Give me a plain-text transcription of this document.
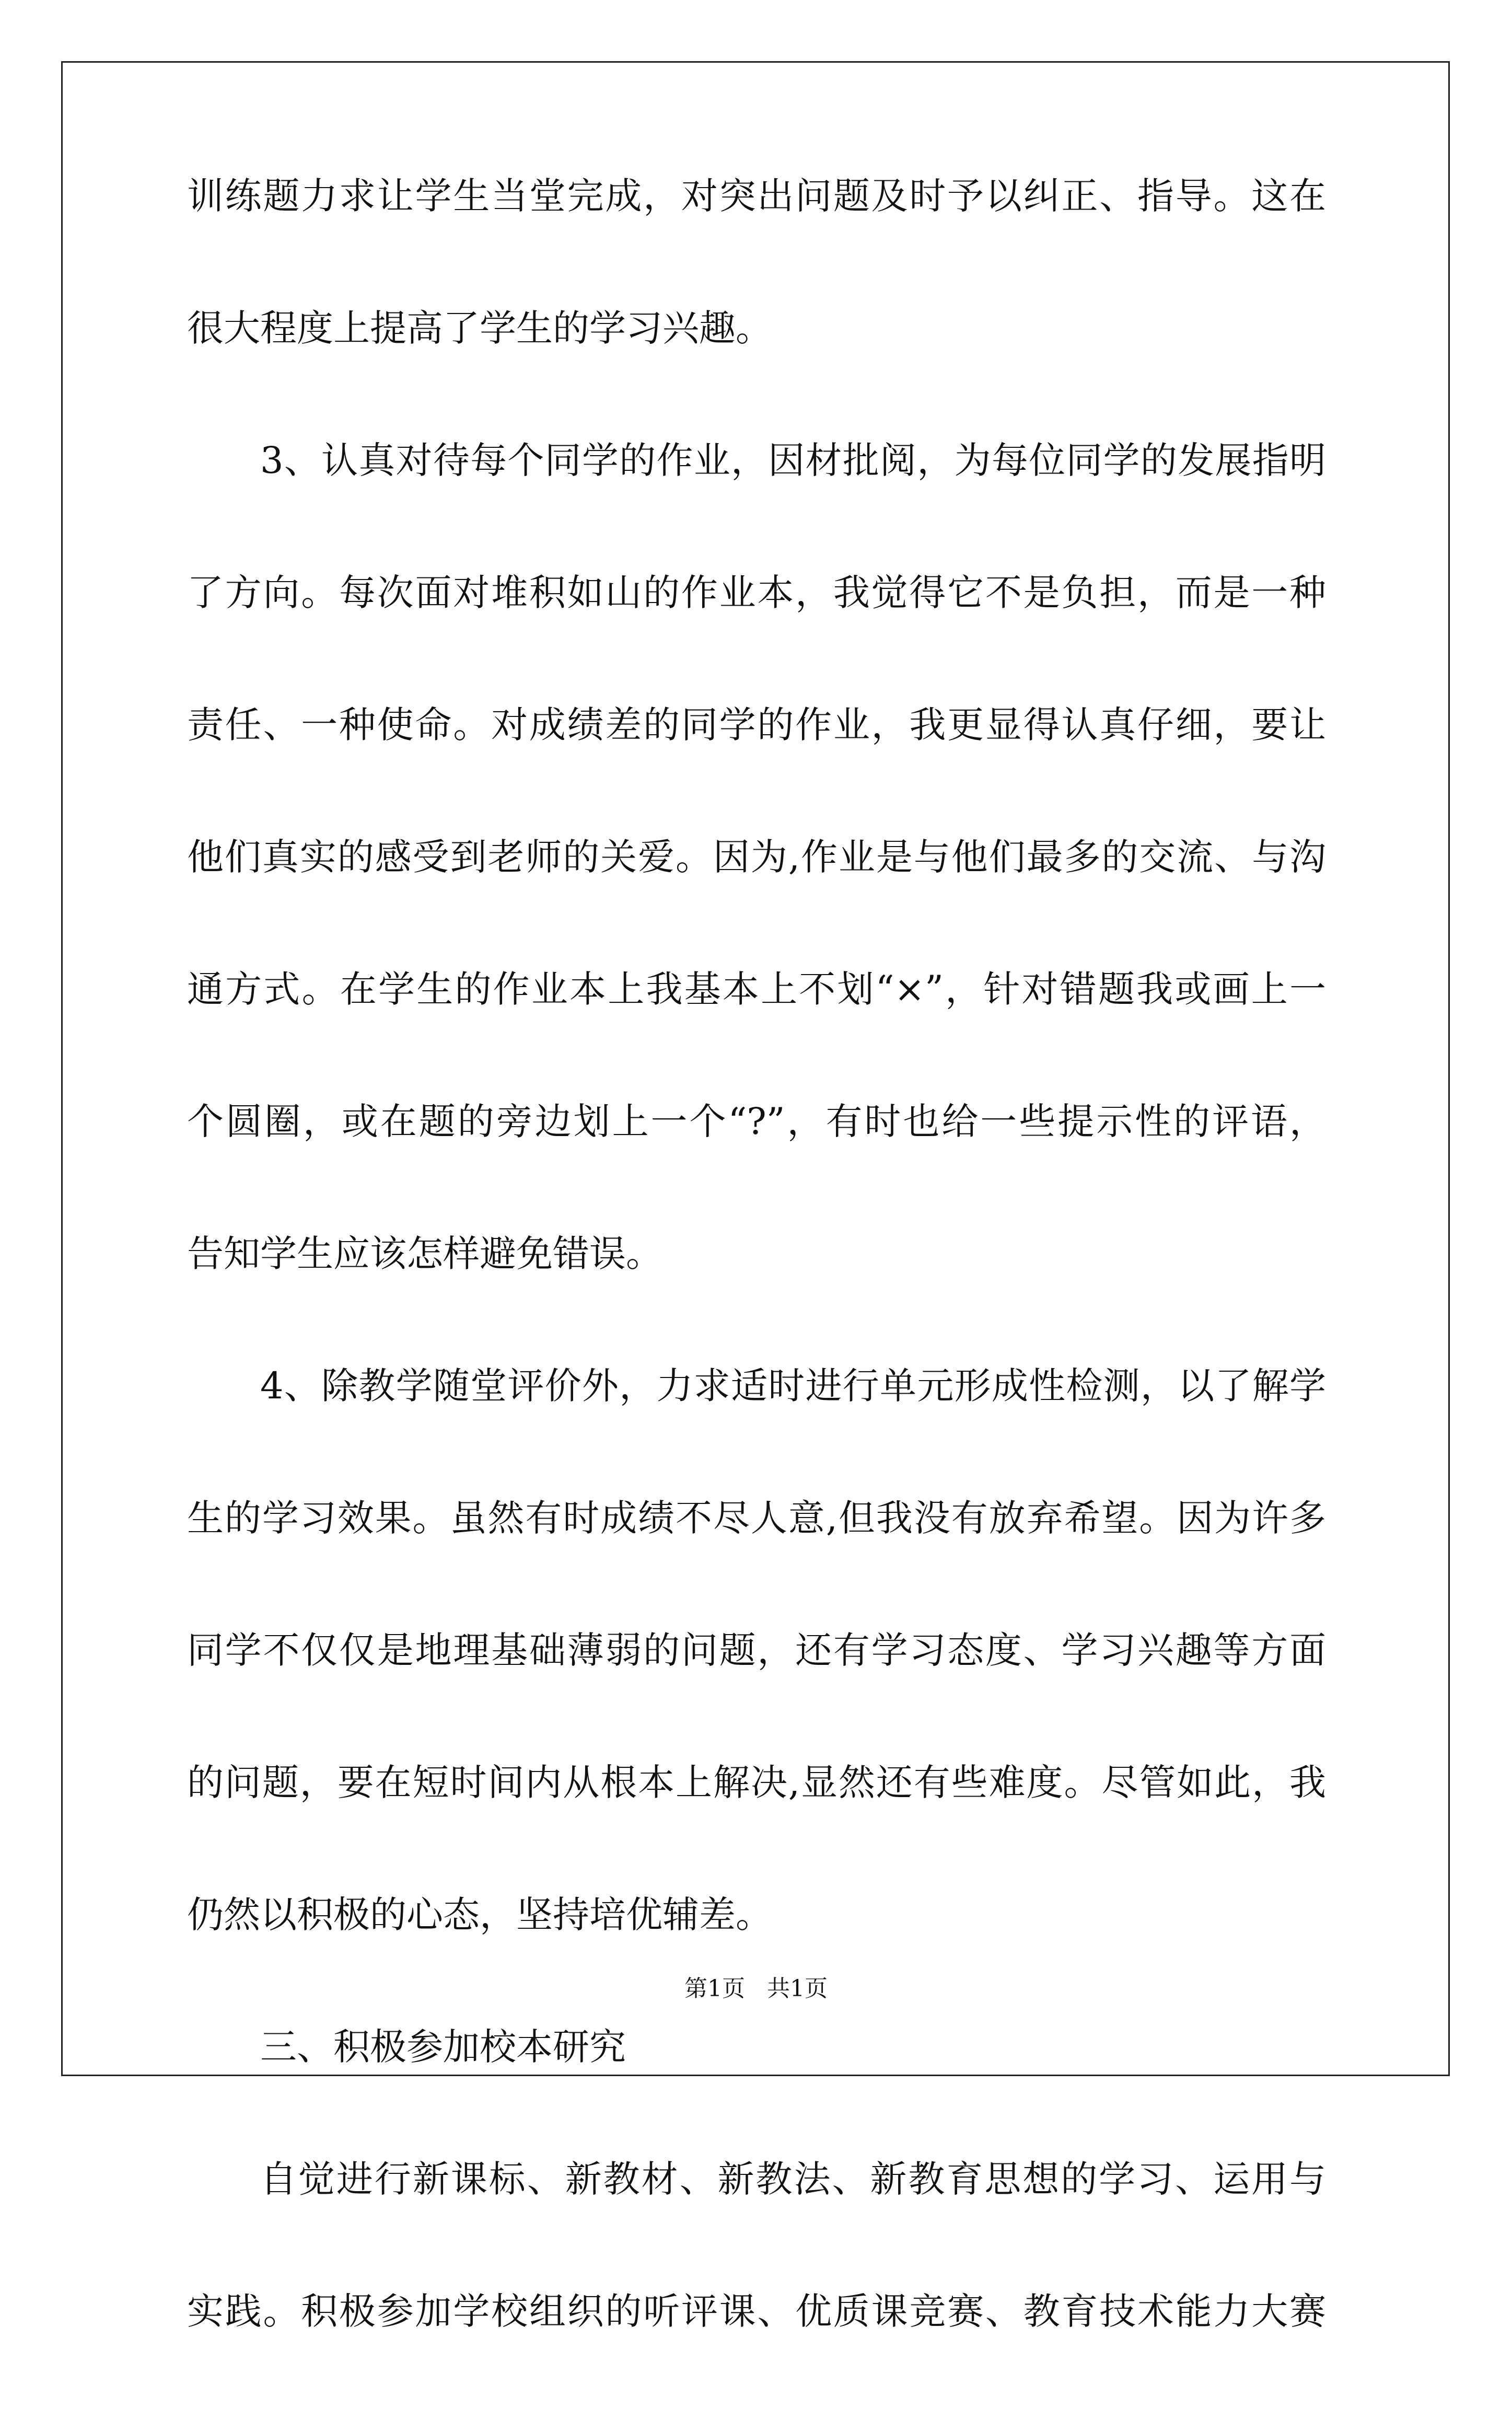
训练题力求让学生当堂完成，对突出问题及时予以纠正、指导。这在
很大程度上提高了学生的学习兴趣。
3、认真对待每个同学的作业，因材批阅，为每位同学的发展指明
了方向。每次面对堆积如山的作业本，我觉得它不是负担，而是一种
责任、一种使命。对成绩差的同学的作业，我更显得认真仔细，要让
他们真实的感受到老师的关爱。因为,作业是与他们最多的交流、与沟
通方式。在学生的作业本上我基本上不划“×”，针对错题我或画上一
个圆圈，或在题的旁边划上一个“?”，有时也给一些提示性的评语，
告知学生应该怎样避免错误。
4、除教学随堂评价外，力求适时进行单元形成性检测，以了解学
生的学习效果。虽然有时成绩不尽人意,但我没有放弃希望。因为许多
同学不仅仅是地理基础薄弱的问题，还有学习态度、学习兴趣等方面
的问题，要在短时间内从根本上解决,显然还有些难度。尽管如此，我
仍然以积极的心态，坚持培优辅差。
三、积极参加校本研究
自觉进行新课标、新教材、新教法、新教育思想的学习、运用与
实践。积极参加学校组织的听评课、优质课竞赛、教育技术能力大赛
第1页   共1页
